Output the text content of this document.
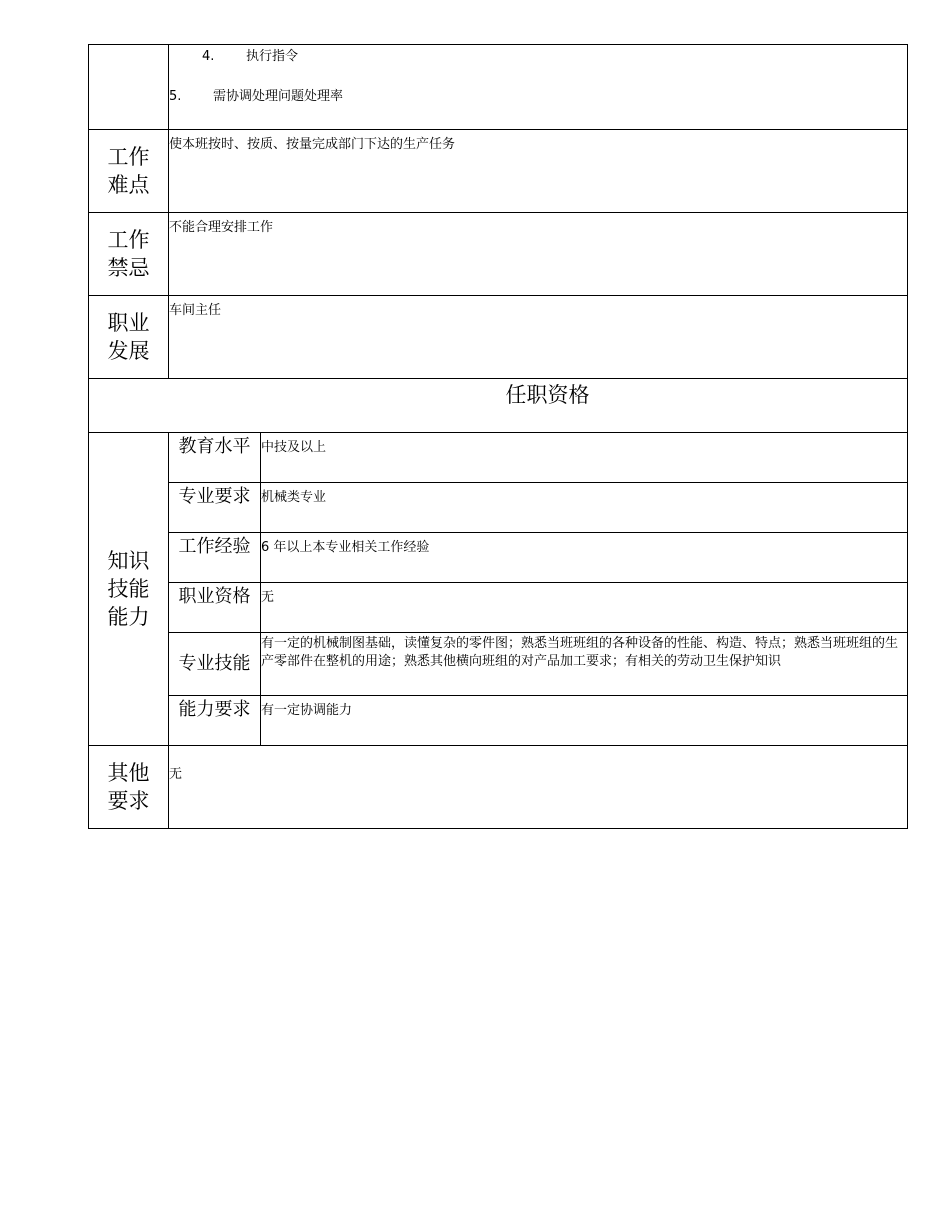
	4. 执行指令
5. 需协调处理问题处理率	

工作
难点	使本班按时、按质、按量完成部门下达的生产任务	

工作
禁忌	不能合理安排工作	

职业
发展	车间主任	
任职资格		

知识
技能
能力	教育水平	中技及以上
	专业要求	机械类专业
	工作经验	6 年以上本专业相关工作经验
	职业资格	无
	专业技能	有一定的机械制图基础，读懂复杂的零件图；熟悉当班班组的各种设备的性能、构造、特点；熟悉当班班组的生产零部件在整机的用途；熟悉其他横向班组的对产品加工要求；有相关的劳动卫生保护知识
	能力要求	有一定协调能力

其他
要求	无	
